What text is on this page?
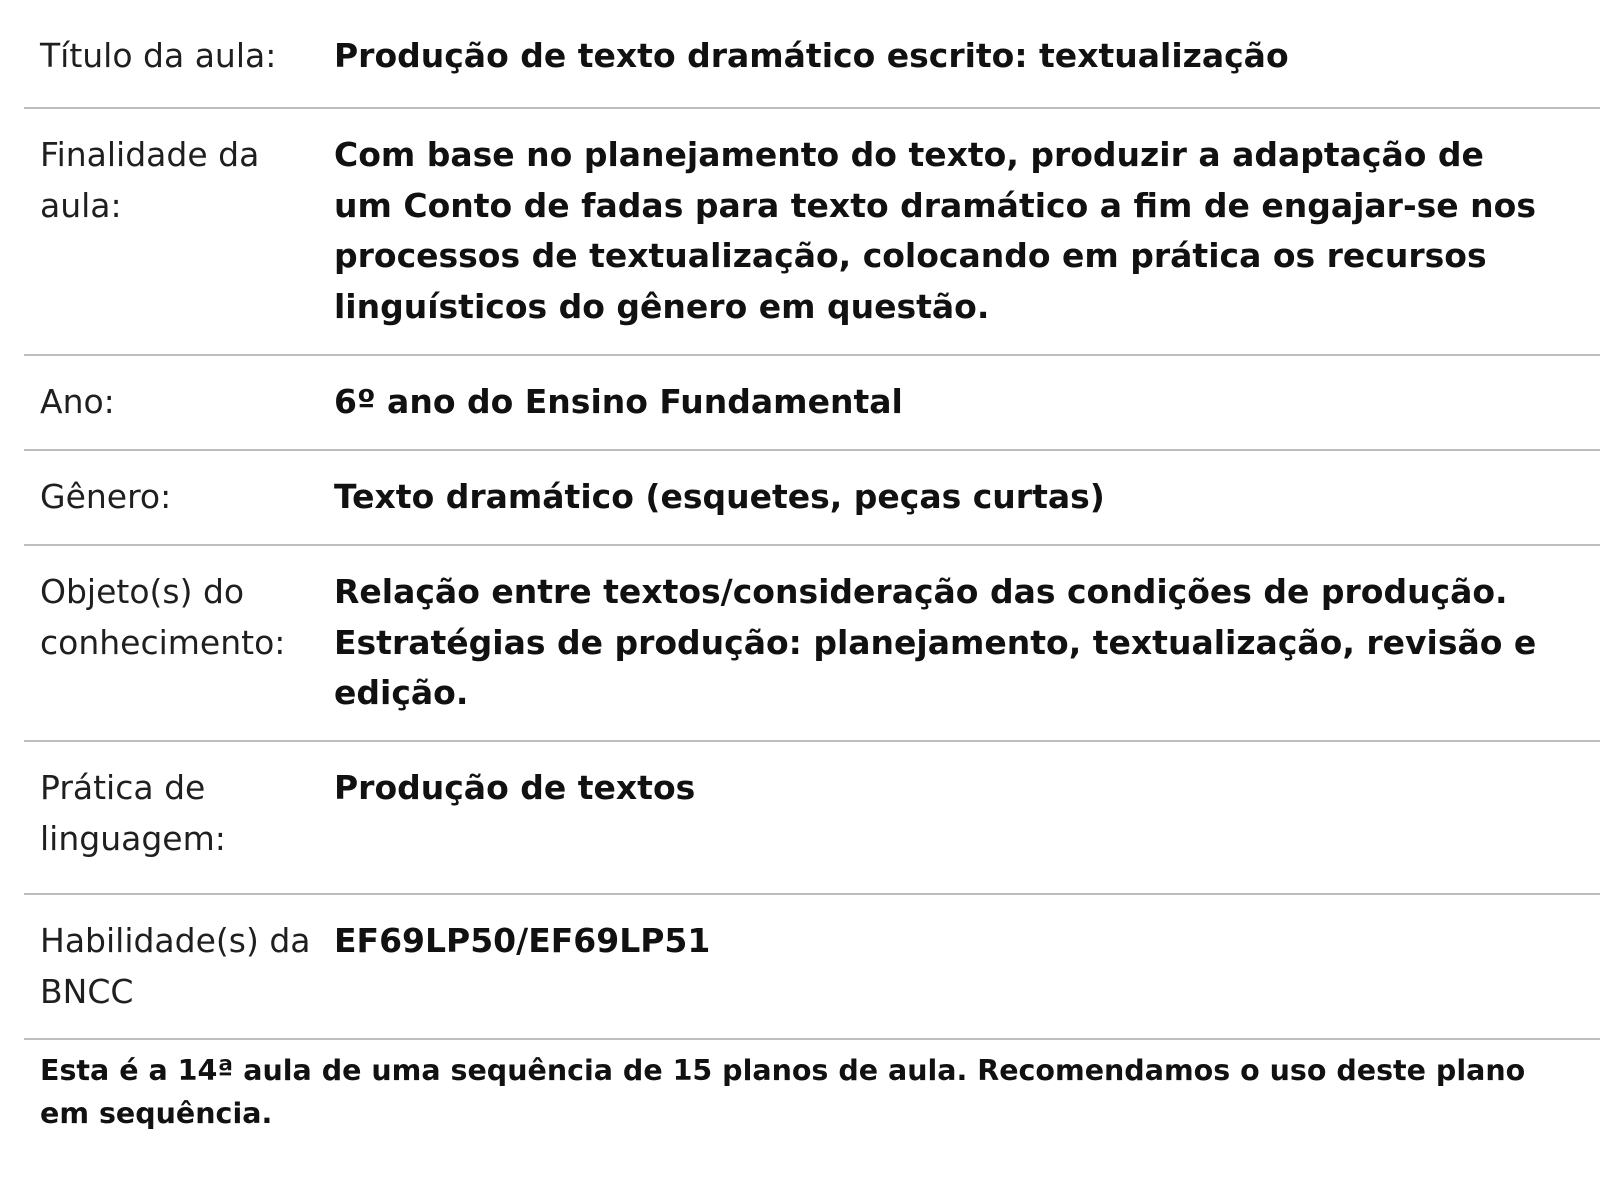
Título da aula:	Produção de texto dramático escrito: textualização
Finalidade da aula:
Com base no planejamento do texto, produzir a adaptação de um Conto de fadas para texto dramático a fim de engajar-se nos processos de textualização, colocando em prática os recursos linguísticos do gênero em questão.
Ano:	6º ano do Ensino Fundamental
Gênero:	Texto dramático (esquetes, peças curtas)
Objeto(s) do conhecimento:
Relação entre textos/consideração das condições de produção. Estratégias de produção: planejamento, textualização, revisão e edição.
Prática de linguagem:
Produção de textos
Habilidade(s) da BNCC
EF69LP50/EF69LP51
Esta é a 14ª aula de uma sequência de 15 planos de aula. Recomendamos o uso deste plano em sequência.
